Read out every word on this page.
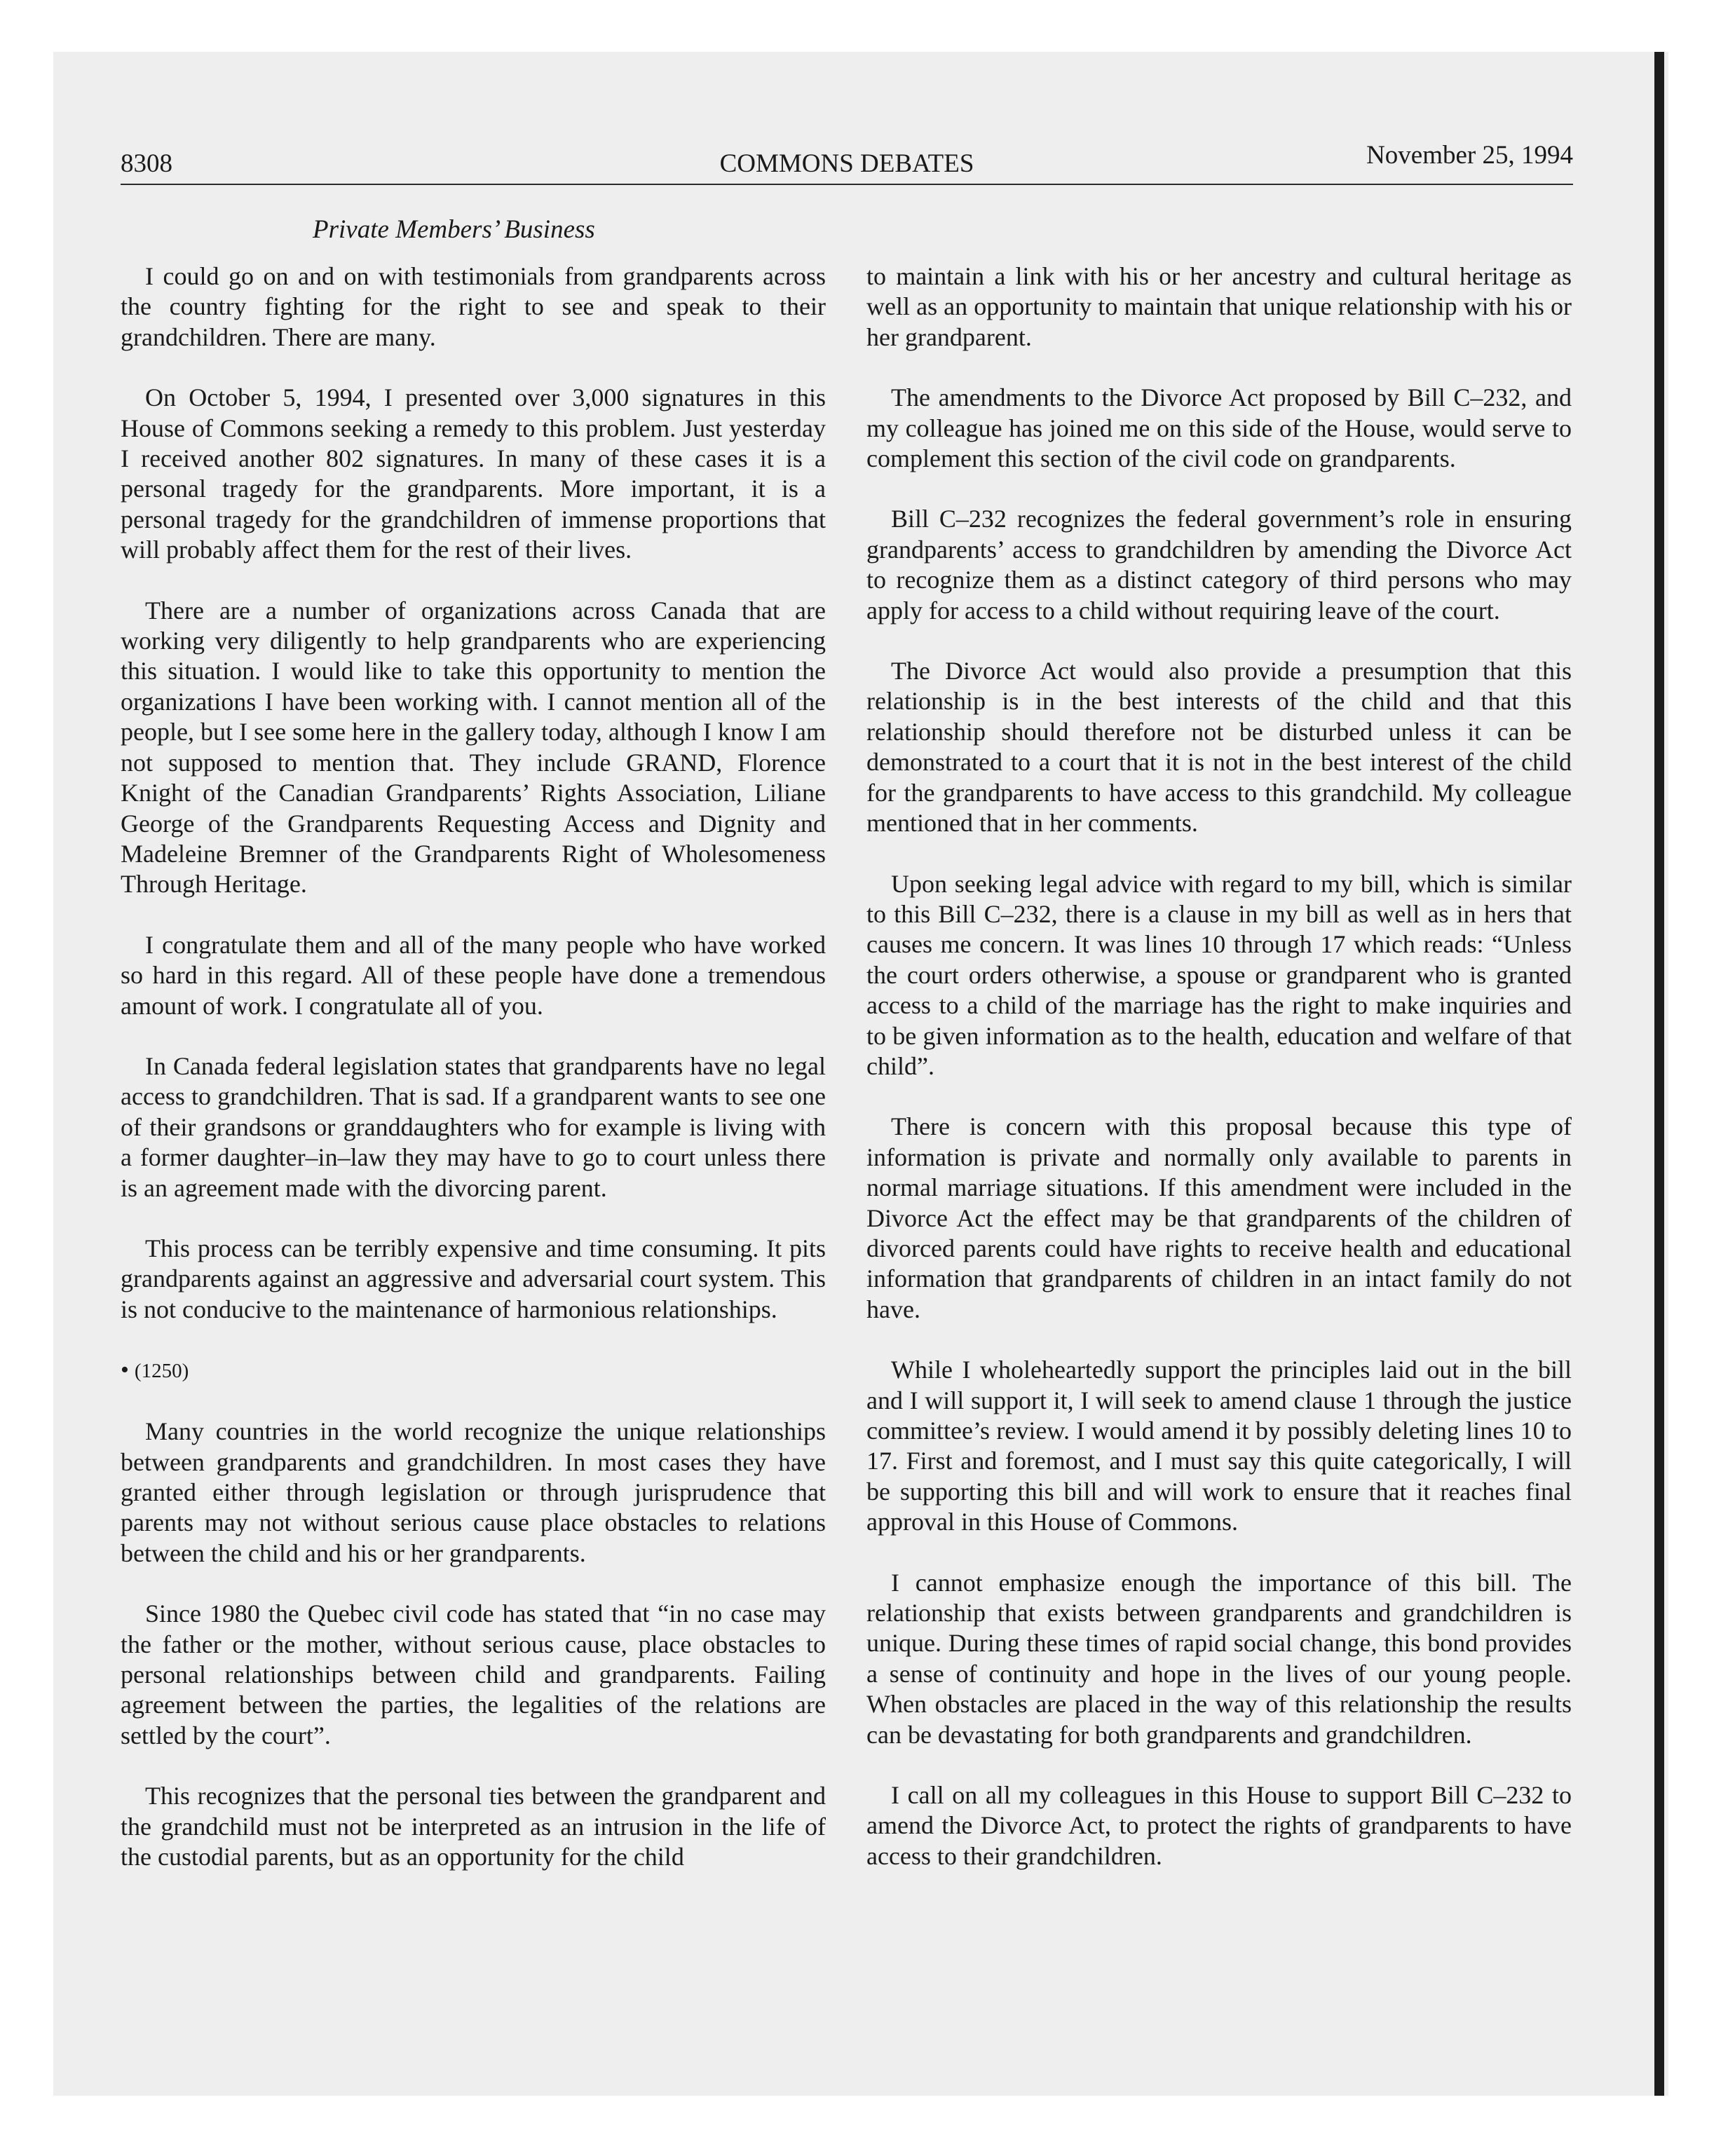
8308	COMMONS DEBATES	November 25, 1994
Private Members’ Business

I could go on and on with testimonials from grandparents across the country fighting for the right to see and speak to their grandchildren. There are many.

On October 5, 1994, I presented over 3,000 signatures in this House of Commons seeking a remedy to this problem. Just yesterday I received another 802 signatures. In many of these cases it is a personal tragedy for the grandparents. More important, it is a personal tragedy for the grandchildren of immense proportions that will probably affect them for the rest of their lives.

There are a number of organizations across Canada that are working very diligently to help grandparents who are experiencing this situation. I would like to take this opportunity to mention the organizations I have been working with. I cannot mention all of the people, but I see some here in the gallery today, although I know I am not supposed to mention that. They include GRAND, Florence Knight of the Canadian Grandparents’ Rights Association, Liliane George of the Grandparents Requesting Access and Dignity and Madeleine Bremner of the Grandparents Right of Wholesomeness Through Heritage.

I congratulate them and all of the many people who have worked so hard in this regard. All of these people have done a tremendous amount of work. I congratulate all of you.

In Canada federal legislation states that grandparents have no legal access to grandchildren. That is sad. If a grandparent wants to see one of their grandsons or granddaughters who for example is living with a former daughter–in–law they may have to go to court unless there is an agreement made with the divorcing parent.

This process can be terribly expensive and time consuming. It pits grandparents against an aggressive and adversarial court system. This is not conducive to the maintenance of harmonious relationships.

• (1250)

Many countries in the world recognize the unique relationships between grandparents and grandchildren. In most cases they have granted either through legislation or through jurisprudence that parents may not without serious cause place obstacles to relations between the child and his or her grandparents.

Since 1980 the Quebec civil code has stated that “in no case may the father or the mother, without serious cause, place obstacles to personal relationships between child and grandparents. Failing agreement between the parties, the legalities of the relations are settled by the court”.

This recognizes that the personal ties between the grandparent and the grandchild must not be interpreted as an intrusion in the life of the custodial parents, but as an opportunity for the child

to maintain a link with his or her ancestry and cultural heritage as well as an opportunity to maintain that unique relationship with his or her grandparent.

The amendments to the Divorce Act proposed by Bill C–232, and my colleague has joined me on this side of the House, would serve to complement this section of the civil code on grandparents.

Bill C–232 recognizes the federal government’s role in ensuring grandparents’ access to grandchildren by amending the Divorce Act to recognize them as a distinct category of third persons who may apply for access to a child without requiring leave of the court.

The Divorce Act would also provide a presumption that this relationship is in the best interests of the child and that this relationship should therefore not be disturbed unless it can be demonstrated to a court that it is not in the best interest of the child for the grandparents to have access to this grandchild. My colleague mentioned that in her comments.

Upon seeking legal advice with regard to my bill, which is similar to this Bill C–232, there is a clause in my bill as well as in hers that causes me concern. It was lines 10 through 17 which reads: “Unless the court orders otherwise, a spouse or grandparent who is granted access to a child of the marriage has the right to make inquiries and to be given information as to the health, education and welfare of that child”.

There is concern with this proposal because this type of information is private and normally only available to parents in normal marriage situations. If this amendment were included in the Divorce Act the effect may be that grandparents of the children of divorced parents could have rights to receive health and educational information that grandparents of children in an intact family do not have.

While I wholeheartedly support the principles laid out in the bill and I will support it, I will seek to amend clause 1 through the justice committee’s review. I would amend it by possibly deleting lines 10 to 17. First and foremost, and I must say this quite categorically, I will be supporting this bill and will work to ensure that it reaches final approval in this House of Commons.

I cannot emphasize enough the importance of this bill. The relationship that exists between grandparents and grandchildren is unique. During these times of rapid social change, this bond provides a sense of continuity and hope in the lives of our young people. When obstacles are placed in the way of this relationship the results can be devastating for both grandparents and grandchildren.

I call on all my colleagues in this House to support Bill C–232 to amend the Divorce Act, to protect the rights of grandparents to have access to their grandchildren.
